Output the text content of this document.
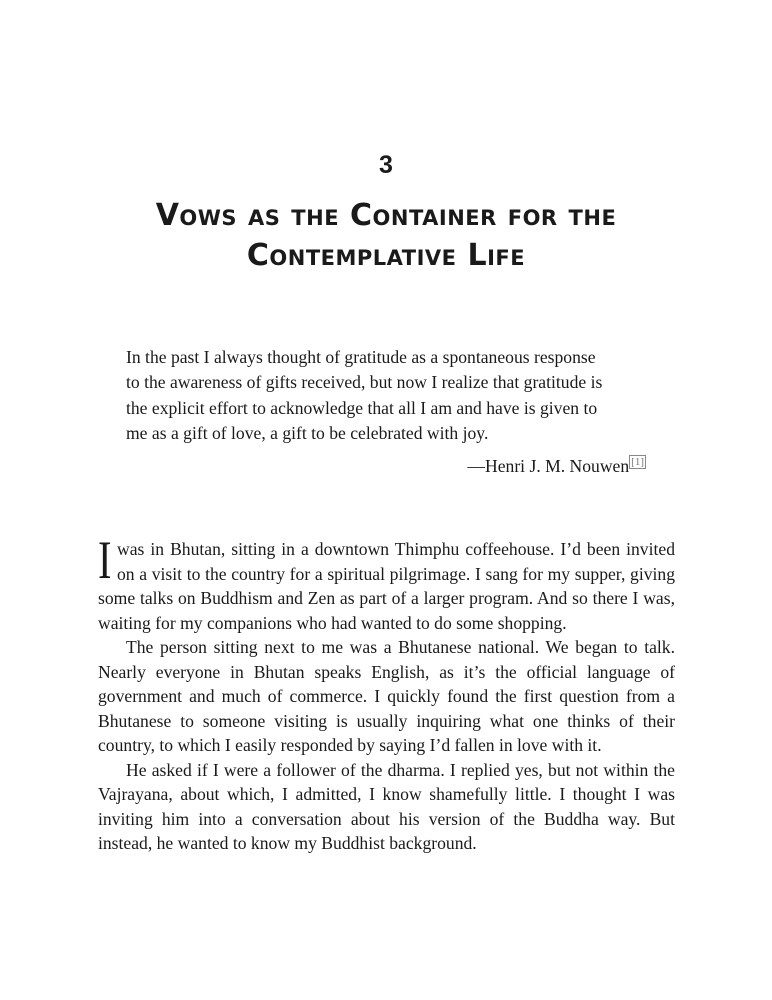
3
Vows as the Container for the
Contemplative Life

In the past I always thought of gratitude as a spontaneous response

to the awareness of gifts received, but now I realize that gratitude is

the explicit effort to acknowledge that all I am and have is given to

me as a gift of love, a gift to be celebrated with joy.

—Henri J. M. Nouwen [1]

Iwas in Bhutan, sitting in a downtown Thimphu coffeehouse. I’d been invited on a visit to the country for a spiritual pilgrimage. I sang for my supper, giving some talks on Buddhism and Zen as part of a larger program. And so there I was, waiting for my companions who had wanted to do some shopping.

The person sitting next to me was a Bhutanese national. We began to talk. Nearly everyone in Bhutan speaks English, as it’s the official language of government and much of commerce. I quickly found the first question from a Bhutanese to someone visiting is usually inquiring what one thinks of their country, to which I easily responded by saying I’d fallen in love with it.

He asked if I were a follower of the dharma. I replied yes, but not within the Vajrayana, about which, I admitted, I know shamefully little. I thought I was inviting him into a conversation about his version of the Buddha way. But instead, he wanted to know my Buddhist background.
